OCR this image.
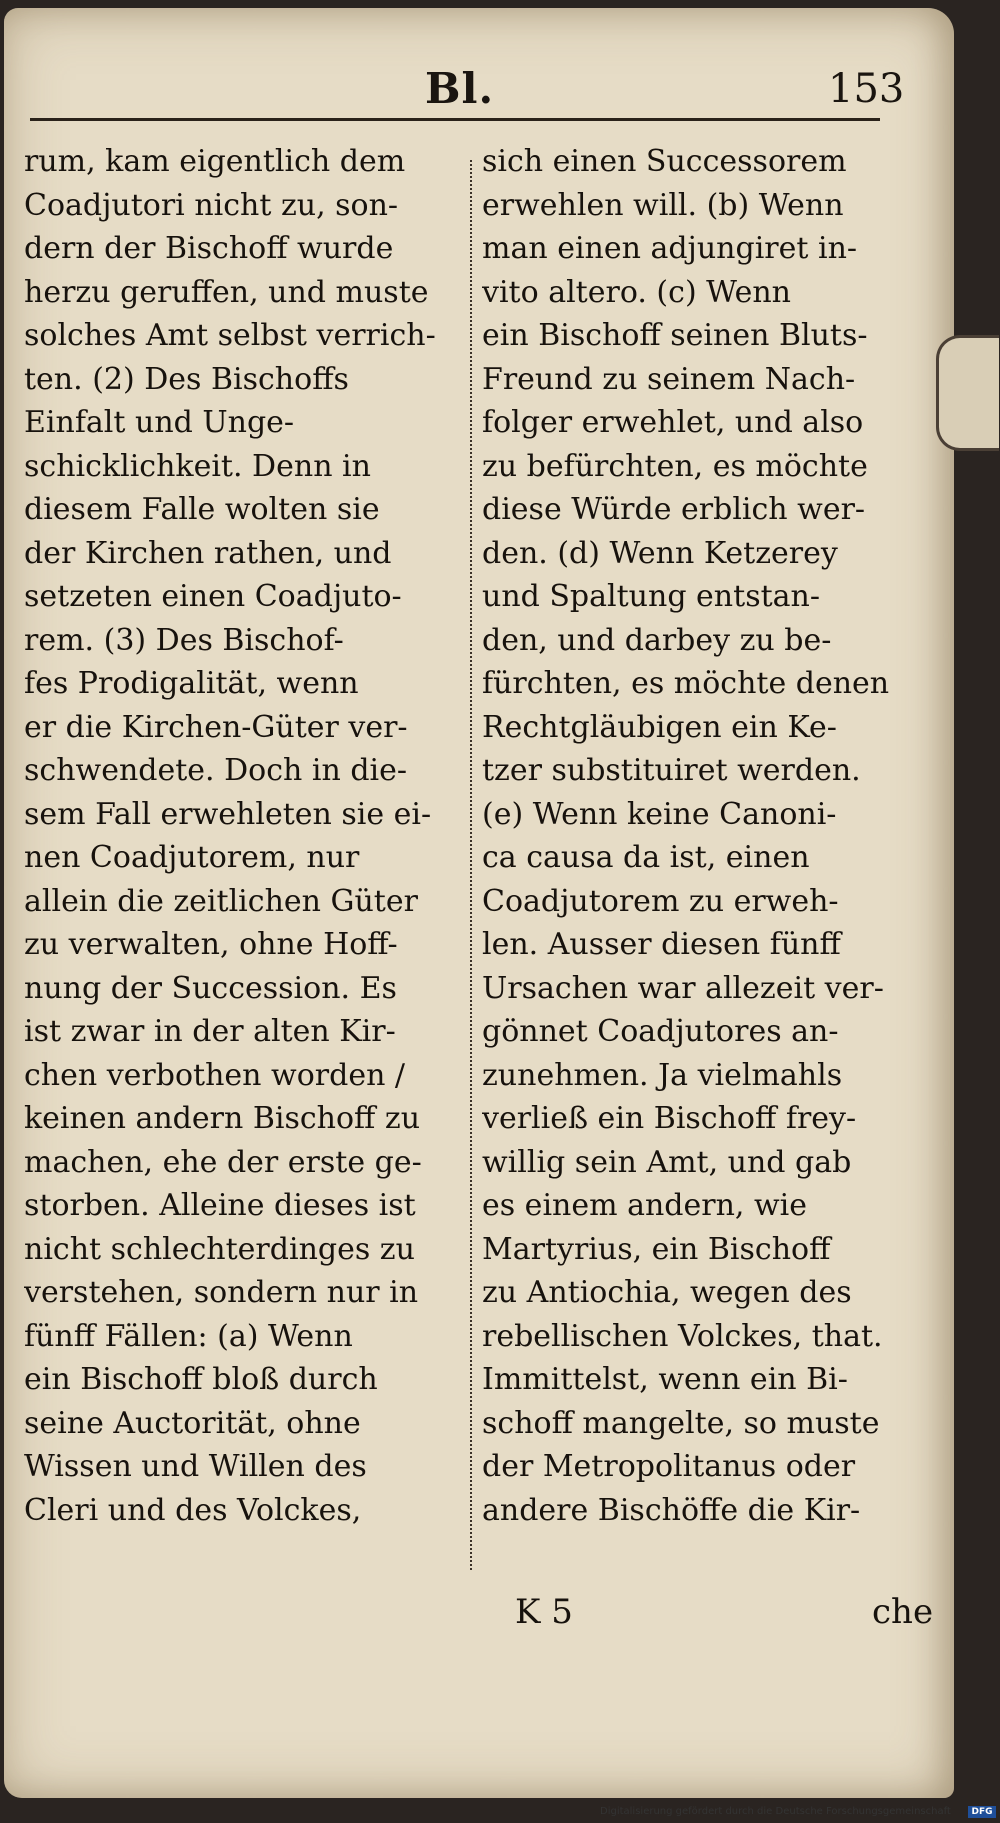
Bl.	153
rum, kam eigentlich dem
Coadjutori nicht zu, son-
dern der Bischoff wurde
herzu geruffen, und muste
solches Amt selbst verrich-
ten. (2) Des Bischoffs
Einfalt und Unge-
schicklichkeit. Denn in
diesem Falle wolten sie
der Kirchen rathen, und
setzeten einen Coadjuto-
rem. (3) Des Bischof-
fes Prodigalität, wenn
er die Kirchen-Güter ver-
schwendete. Doch in die-
sem Fall erwehleten sie ei-
nen Coadjutorem, nur
allein die zeitlichen Güter
zu verwalten, ohne Hoff-
nung der Succession. Es
ist zwar in der alten Kir-
chen verbothen worden /
keinen andern Bischoff zu
machen, ehe der erste ge-
storben. Alleine dieses ist
nicht schlechterdinges zu
verstehen, sondern nur in
fünff Fällen: (a) Wenn
ein Bischoff bloß durch
seine Auctorität, ohne
Wissen und Willen des
Cleri und des Volckes,
sich einen Successorem
erwehlen will. (b) Wenn
man einen adjungiret in-
vito altero. (c) Wenn
ein Bischoff seinen Bluts-
Freund zu seinem Nach-
folger erwehlet, und also
zu befürchten, es möchte
diese Würde erblich wer-
den. (d) Wenn Ketzerey
und Spaltung entstan-
den, und darbey zu be-
fürchten, es möchte denen
Rechtgläubigen ein Ke-
tzer substituiret werden.
(e) Wenn keine Canoni-
ca causa da ist, einen
Coadjutorem zu erweh-
len. Ausser diesen fünff
Ursachen war allezeit ver-
gönnet Coadjutores an-
zunehmen. Ja vielmahls
verließ ein Bischoff frey-
willig sein Amt, und gab
es einem andern, wie
Martyrius, ein Bischoff
zu Antiochia, wegen des
rebellischen Volckes, that.
Immittelst, wenn ein Bi-
schoff mangelte, so muste
der Metropolitanus oder
andere Bischöffe die Kir-
K 5	che
Digitalisierung gefördert durch die Deutsche Forschungsgemeinschaft	DFG
